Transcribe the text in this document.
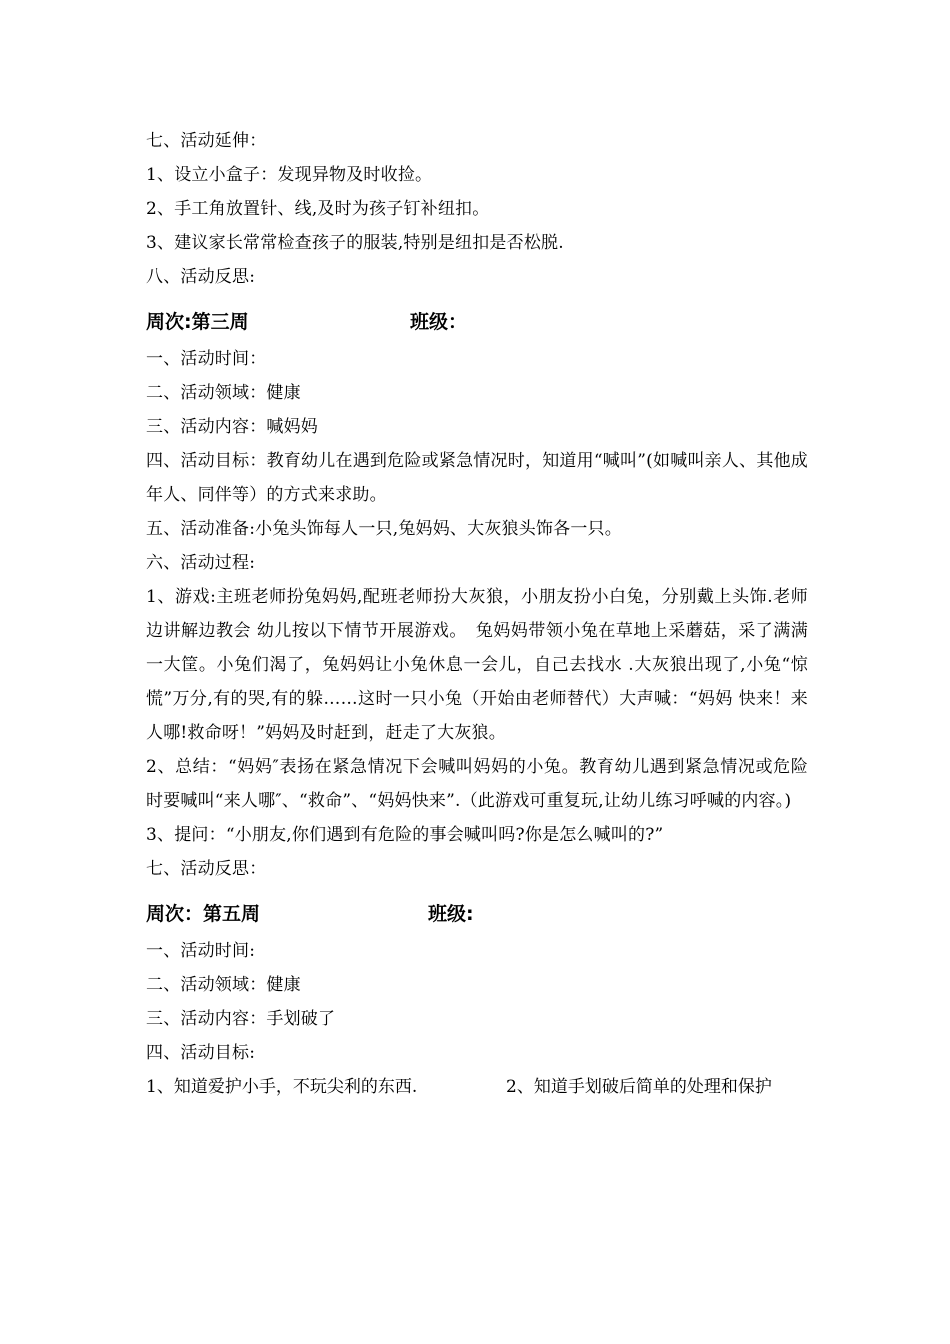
七、活动延伸：
1、设立小盒子：发现异物及时收捡。
2、手工角放置针、线,及时为孩子钉补纽扣。
3、建议家长常常检查孩子的服装,特别是纽扣是否松脱.
八、活动反思:
周次:第三周	班级：
一、活动时间：
二、活动领域：健康
三、活动内容：喊妈妈
四、活动目标：教育幼儿在遇到危险或紧急情况时，知道用“喊叫”(如喊叫亲人、其他成年人、同伴等）的方式来求助。
五、活动准备:小兔头饰每人一只,兔妈妈、大灰狼头饰各一只。
六、活动过程:
1、游戏:主班老师扮兔妈妈,配班老师扮大灰狼，小朋友扮小白兔，分别戴上头饰.老师边讲解边教会 幼儿按以下情节开展游戏。　兔妈妈带领小兔在草地上采蘑菇，采了满满一大筐。小兔们渴了，兔妈妈让小兔休息一会儿，自己去找水 .大灰狼出现了,小兔“惊慌”万分,有的哭,有的躲……这时一只小兔（开始由老师替代）大声喊：“妈妈 快来！来人哪!救命呀！”妈妈及时赶到，赶走了大灰狼。
2、总结：“妈妈″表扬在紧急情况下会喊叫妈妈的小兔。教育幼儿遇到紧急情况或危险时要喊叫“来人哪″、“救命”、“妈妈快来”.（此游戏可重复玩,让幼儿练习呼喊的内容。)
3、提问：“小朋友,你们遇到有危险的事会喊叫吗?你是怎么喊叫的?”
七、活动反思：
周次：第五周	班级:
一、活动时间:
二、活动领域：健康
三、活动内容：手划破了
四、活动目标:
1、知道爱护小手，不玩尖利的东西.	2、知道手划破后简单的处理和保护
